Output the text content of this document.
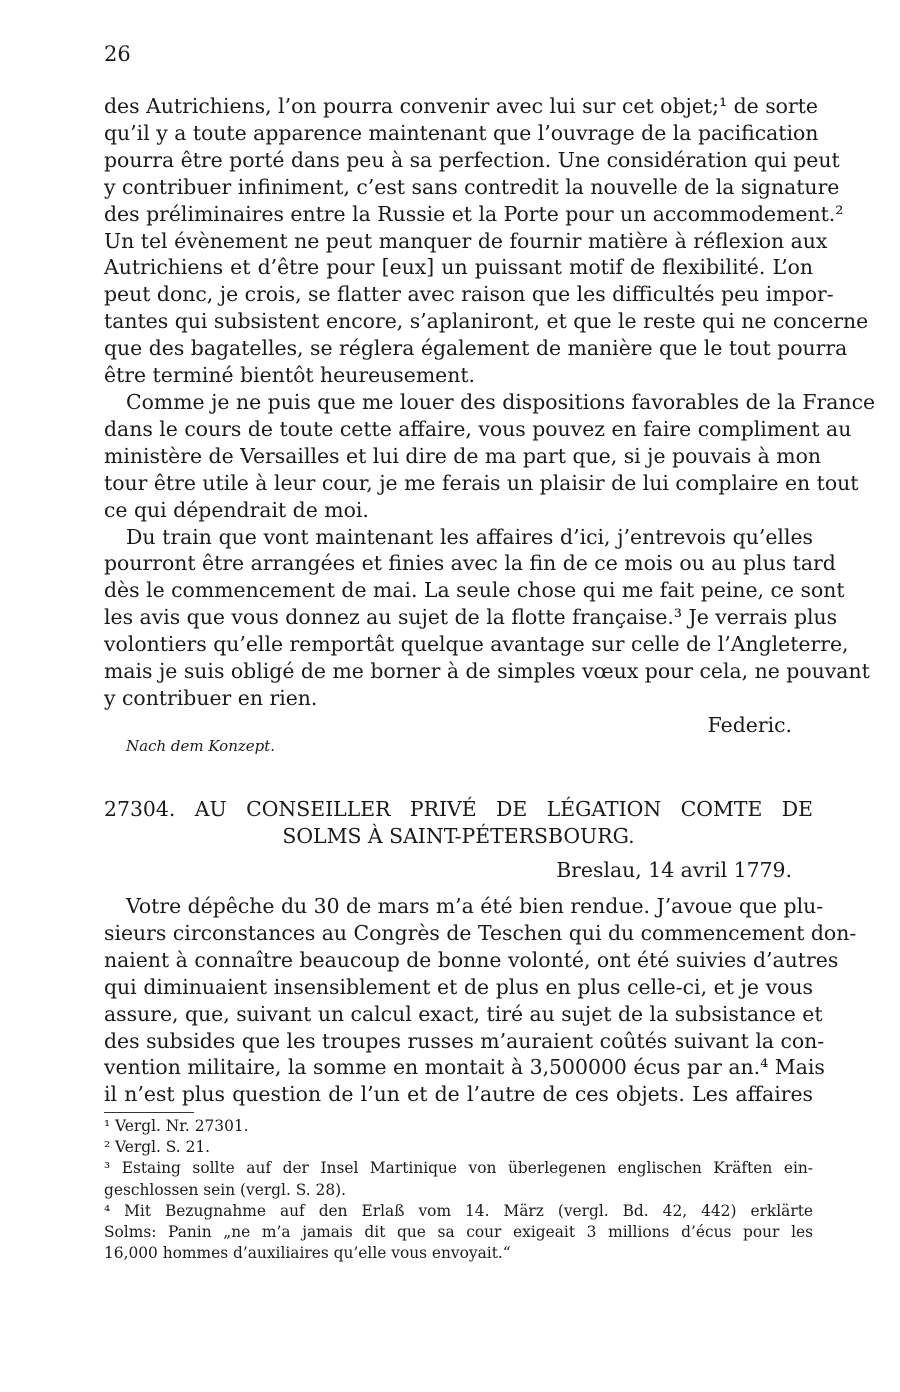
26
des Autrichiens, l’on pourra convenir avec lui sur cet objet;¹ de sorte
qu’il y a toute apparence maintenant que l’ouvrage de la pacification
pourra être porté dans peu à sa perfection. Une considération qui peut
y contribuer infiniment, c’est sans contredit la nouvelle de la signature
des préliminaires entre la Russie et la Porte pour un accommodement.²
Un tel évènement ne peut manquer de fournir matière à réflexion aux
Autrichiens et d’être pour [eux] un puissant motif de flexibilité. L’on
peut donc, je crois, se flatter avec raison que les difficultés peu impor-
tantes qui subsistent encore, s’aplaniront, et que le reste qui ne concerne
que des bagatelles, se réglera également de manière que le tout pourra
être terminé bientôt heureusement.
Comme je ne puis que me louer des dispositions favorables de la France
dans le cours de toute cette affaire, vous pouvez en faire compliment au
ministère de Versailles et lui dire de ma part que, si je pouvais à mon
tour être utile à leur cour, je me ferais un plaisir de lui complaire en tout
ce qui dépendrait de moi.
Du train que vont maintenant les affaires d’ici, j’entrevois qu’elles
pourront être arrangées et finies avec la fin de ce mois ou au plus tard
dès le commencement de mai. La seule chose qui me fait peine, ce sont
les avis que vous donnez au sujet de la flotte française.³ Je verrais plus
volontiers qu’elle remportât quelque avantage sur celle de l’Angleterre,
mais je suis obligé de me borner à de simples vœux pour cela, ne pouvant
y contribuer en rien.
Federic.
Nach dem Konzept.
27304. AU CONSEILLER PRIVÉ DE LÉGATION COMTE DE
SOLMS À SAINT-PÉTERSBOURG.
Breslau, 14 avril 1779.
Votre dépêche du 30 de mars m’a été bien rendue. J’avoue que plu-
sieurs circonstances au Congrès de Teschen qui du commencement don-
naient à connaître beaucoup de bonne volonté, ont été suivies d’autres
qui diminuaient insensiblement et de plus en plus celle-ci, et je vous
assure, que, suivant un calcul exact, tiré au sujet de la subsistance et
des subsides que les troupes russes m’auraient coûtés suivant la con-
vention militaire, la somme en montait à 3,500000 écus par an.⁴ Mais
il n’est plus question de l’un et de l’autre de ces objets. Les affaires
¹ Vergl. Nr. 27301.
² Vergl. S. 21.
³ Estaing sollte auf der Insel Martinique von überlegenen englischen Kräften ein-
geschlossen sein (vergl. S. 28).
⁴ Mit Bezugnahme auf den Erlaß vom 14. März (vergl. Bd. 42, 442) erklärte
Solms: Panin „ne m’a jamais dit que sa cour exigeait 3 millions d’écus pour les
16,000 hommes d’auxiliaires qu’elle vous envoyait.“
